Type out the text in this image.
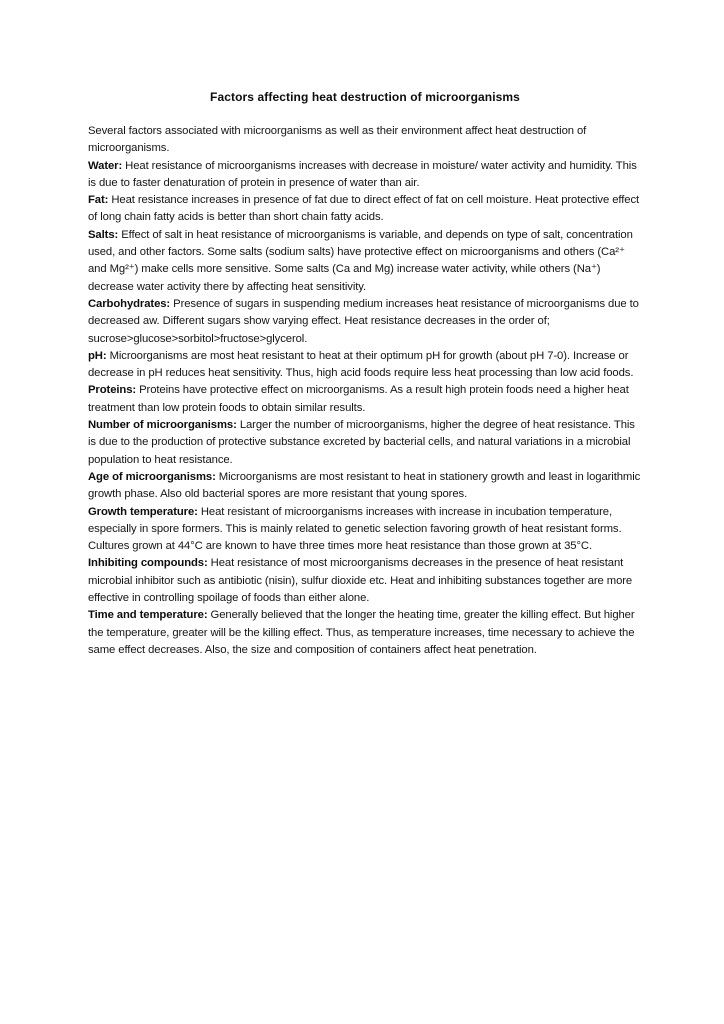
Factors affecting heat destruction of microorganisms

Several factors associated with microorganisms as well as their environment affect heat destruction of microorganisms.

Water: Heat resistance of microorganisms increases with decrease in moisture/ water activity and humidity. This is due to faster denaturation of protein in presence of water than air.

Fat: Heat resistance increases in presence of fat due to direct effect of fat on cell moisture. Heat protective effect of long chain fatty acids is better than short chain fatty acids.

Salts: Effect of salt in heat resistance of microorganisms is variable, and depends on type of salt, concentration used, and other factors. Some salts (sodium salts) have protective effect on microorganisms and others (Ca²⁺ and Mg²⁺) make cells more sensitive. Some salts (Ca and Mg) increase water activity, while others (Na⁺) decrease water activity there by affecting heat sensitivity.

Carbohydrates: Presence of sugars in suspending medium increases heat resistance of microorganisms due to decreased aw. Different sugars show varying effect. Heat resistance decreases in the order of; sucrose>glucose>sorbitol>fructose>glycerol.

pH: Microorganisms are most heat resistant to heat at their optimum pH for growth (about pH 7-0). Increase or decrease in pH reduces heat sensitivity. Thus, high acid foods require less heat processing than low acid foods.

Proteins: Proteins have protective effect on microorganisms. As a result high protein foods need a higher heat treatment than low protein foods to obtain similar results.

Number of microorganisms: Larger the number of microorganisms, higher the degree of heat resistance. This is due to the production of protective substance excreted by bacterial cells, and natural variations in a microbial population to heat resistance.

Age of microorganisms: Microorganisms are most resistant to heat in stationery growth and least in logarithmic growth phase. Also old bacterial spores are more resistant that young spores.

Growth temperature: Heat resistant of microorganisms increases with increase in incubation temperature, especially in spore formers. This is mainly related to genetic selection favoring growth of heat resistant forms. Cultures grown at 44°C are known to have three times more heat resistance than those grown at 35°C.

Inhibiting compounds: Heat resistance of most microorganisms decreases in the presence of heat resistant microbial inhibitor such as antibiotic (nisin), sulfur dioxide etc. Heat and inhibiting substances together are more effective in controlling spoilage of foods than either alone.

Time and temperature: Generally believed that the longer the heating time, greater the killing effect. But higher the temperature, greater will be the killing effect. Thus, as temperature increases, time necessary to achieve the same effect decreases. Also, the size and composition of containers affect heat penetration.
